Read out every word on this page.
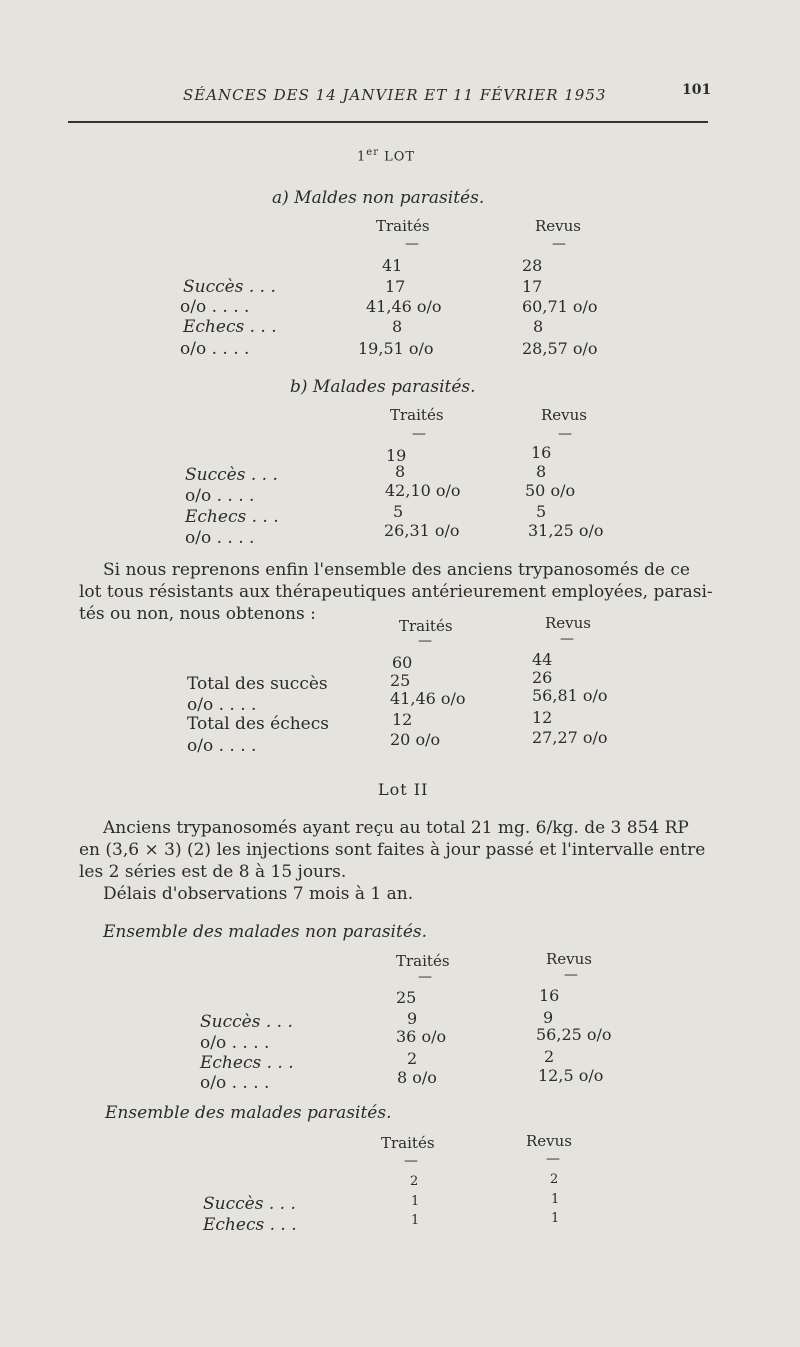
SÉANCES DES 14 JANVIER ET 11 FÉVRIER 1953	101
1er LOT
a) Maldes non parasités.
Traités	Revus
—	—
41	28
Succès . . .	17	17
o/o . . . .	41,46 o/o	60,71 o/o
Echecs . . .	8	8
o/o . . . .	19,51 o/o	28,57 o/o
b) Malades parasités.
Traités	Revus
—	—
19	16
Succès . . .	8	8
o/o . . . .	42,10 o/o	50 o/o
Echecs . . .	5	5
o/o . . . .	26,31 o/o	31,25 o/o
Si nous reprenons enfin l'ensemble des anciens trypanosomés de ce
lot tous résistants aux thérapeutiques antérieurement employées, parasi-
tés ou non, nous obtenons :
Traités	Revus
—	—
60	44
Total des succès	25	26
o/o . . . .	41,46 o/o	56,81 o/o
Total des échecs	12	12
o/o . . . .	20 o/o	27,27 o/o
Lot II
Anciens trypanosomés ayant reçu au total 21 mg. 6/kg. de 3 854 RP
en (3,6 × 3) (2) les injections sont faites à jour passé et l'intervalle entre
les 2 séries est de 8 à 15 jours.
Délais d'observations 7 mois à 1 an.
Ensemble des malades non parasités.
Traités	Revus
—	—
25	16
Succès . . .	9	9
o/o . . . .	36 o/o	56,25 o/o
Echecs . . .	2	2
o/o . . . .	8 o/o	12,5 o/o
Ensemble des malades parasités.
Traités	Revus
—	—
2	2
Succès . . .	1	1
Echecs . . .	1	1
